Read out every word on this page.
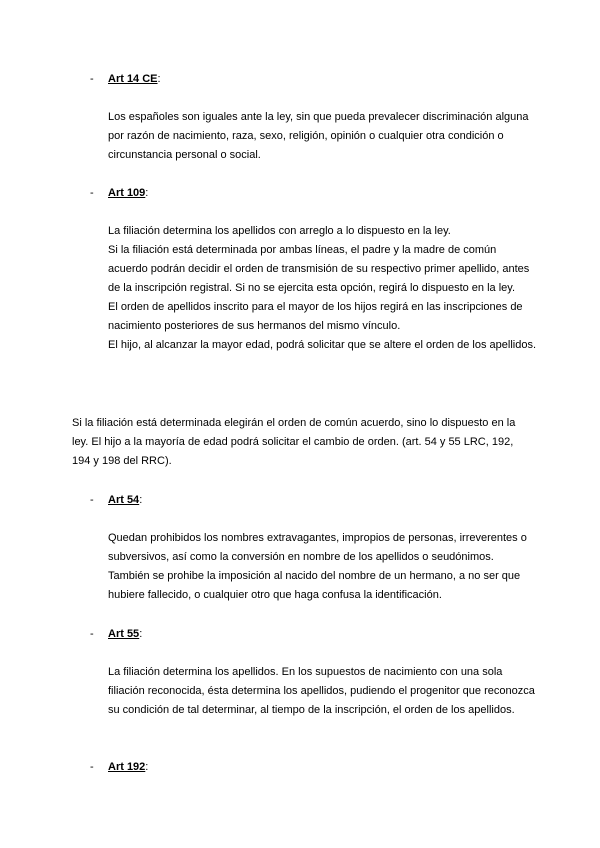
- Art 14 CE:

Los españoles son iguales ante la ley, sin que pueda prevalecer discriminación alguna por razón de nacimiento, raza, sexo, religión, opinión o cualquier otra condición o circunstancia personal o social.

- Art 109:

La filiación determina los apellidos con arreglo a lo dispuesto en la ley.

Si la filiación está determinada por ambas líneas, el padre y la madre de común acuerdo podrán decidir el orden de transmisión de su respectivo primer apellido, antes de la inscripción registral. Si no se ejercita esta opción, regirá lo dispuesto en la ley.

El orden de apellidos inscrito para el mayor de los hijos regirá en las inscripciones de nacimiento posteriores de sus hermanos del mismo vínculo.

El hijo, al alcanzar la mayor edad, podrá solicitar que se altere el orden de los apellidos.

Si la filiación está determinada elegirán el orden de común acuerdo, sino lo dispuesto en la ley. El hijo a la mayoría de edad podrá solicitar el cambio de orden. (art. 54 y 55 LRC, 192, 194 y 198 del RRC).

- Art 54:

Quedan prohibidos los nombres extravagantes, impropios de personas, irreverentes o subversivos, así como la conversión en nombre de los apellidos o seudónimos. También se prohibe la imposición al nacido del nombre de un hermano, a no ser que hubiere fallecido, o cualquier otro que haga confusa la identificación.

- Art 55:

La filiación determina los apellidos. En los supuestos de nacimiento con una sola filiación reconocida, ésta determina los apellidos, pudiendo el progenitor que reconozca su condición de tal determinar, al tiempo de la inscripción, el orden de los apellidos.

- Art 192:
